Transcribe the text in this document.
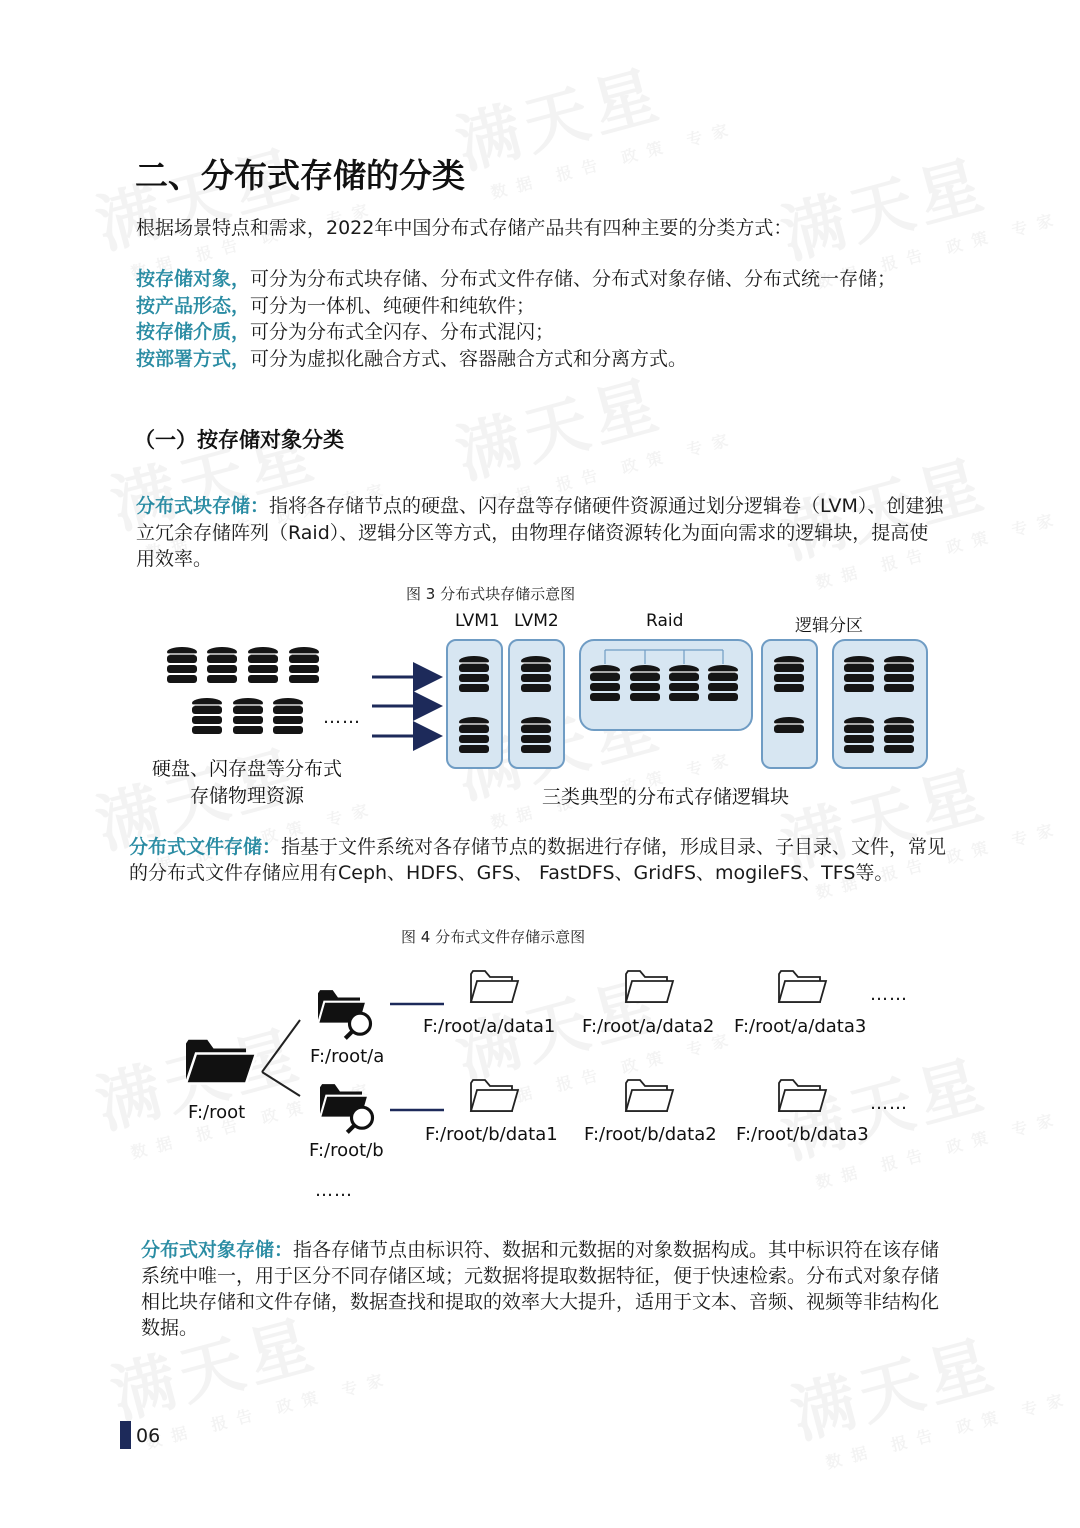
二、分布式存储的分类
根据场景特点和需求，2022年中国分布式存储产品共有四种主要的分类方式：
按存储对象，可分为分布式块存储、分布式文件存储、分布式对象存储、分布式统一存储；
按产品形态，可分为一体机、纯硬件和纯软件；
按存储介质，可分为分布式全闪存、分布式混闪；
按部署方式，可分为虚拟化融合方式、容器融合方式和分离方式。
（一）按存储对象分类
分布式块存储：指将各存储节点的硬盘、闪存盘等存储硬件资源通过划分逻辑卷（LVM）、创建独立冗余存储阵列（Raid）、逻辑分区等方式，由物理存储资源转化为面向需求的逻辑块，提高使用效率。
图 3 分布式块存储示意图
……
硬盘、闪存盘等分布式
存储物理资源
LVM1 LVM2	Raid	逻辑分区
三类典型的分布式存储逻辑块
分布式文件存储：指基于文件系统对各存储节点的数据进行存储，形成目录、子目录、文件，常见的分布式文件存储应用有Ceph、HDFS、GFS、 FastDFS、GridFS、mogileFS、TFS等。
图 4 分布式文件存储示意图
F:/root
F:/root/a
F:/root/b
F:/root/a/data1 F:/root/a/data2 F:/root/a/data3
F:/root/b/data1 F:/root/b/data2 F:/root/b/data3
……
……
……
分布式对象存储：指各存储节点由标识符、数据和元数据的对象数据构成。其中标识符在该存储系统中唯一，用于区分不同存储区域；元数据将提取数据特征，便于快速检索。分布式对象存储相比块存储和文件存储，数据查找和提取的效率大大提升，适用于文本、音频、视频等非结构化数据。
06
